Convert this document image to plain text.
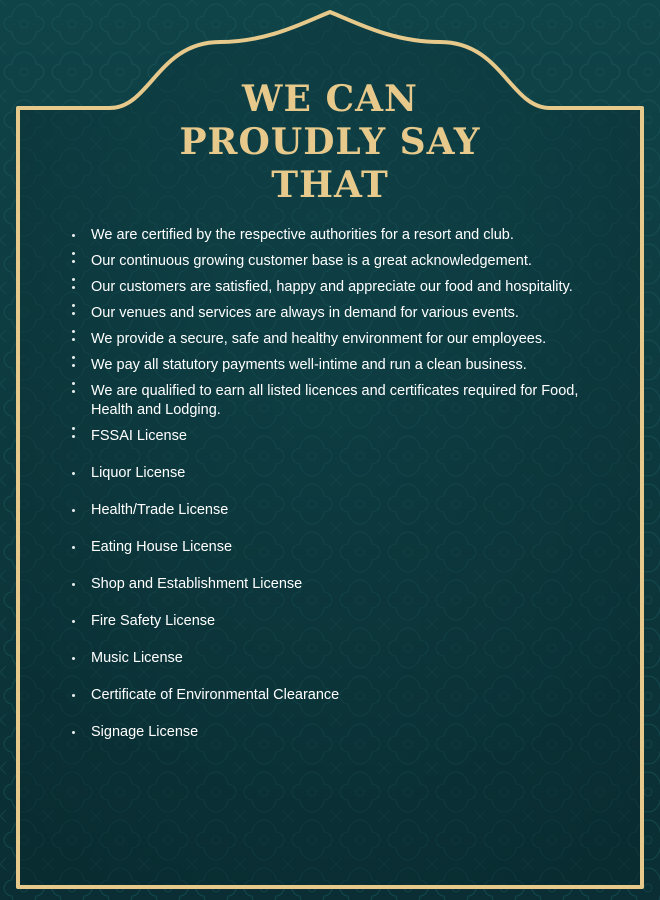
WE CAN
PROUDLY SAY
THAT
We are certified by the respective authorities for a resort and club.
Our continuous growing customer base is a great acknowledgement.
Our customers are satisfied, happy and appreciate our food and hospitality.
Our venues and services are always in demand for various events.
We provide a secure, safe and healthy environment for our employees.
We pay all statutory payments well-intime and run a clean business.
We are qualified to earn all listed licences and certificates required for Food, Health and Lodging.
FSSAI License
Liquor License
Health/Trade License
Eating House License
Shop and Establishment License
Fire Safety License
Music License
Certificate of Environmental Clearance
Signage License
